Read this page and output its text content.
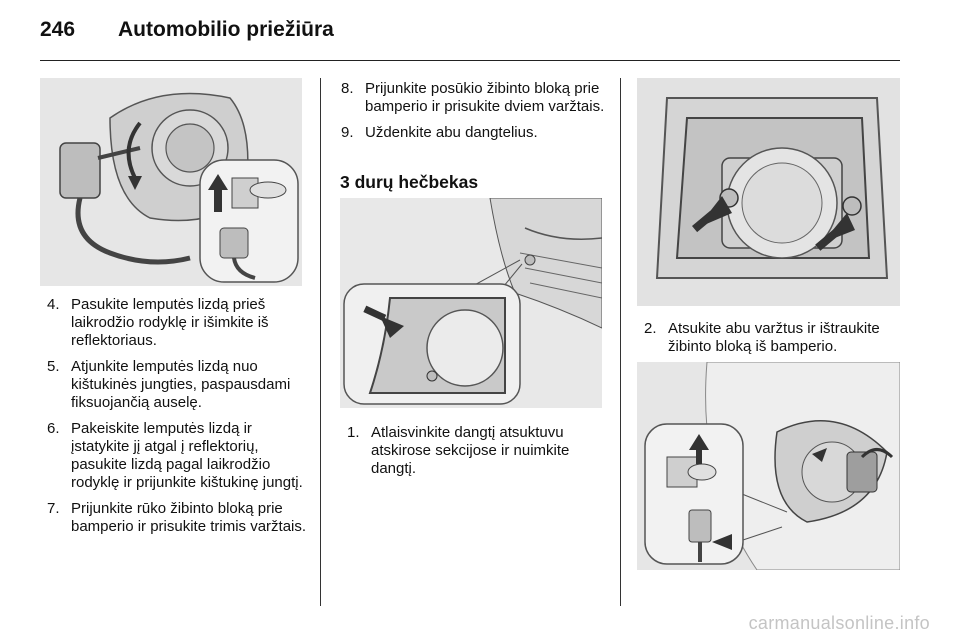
246	Automobilio priežiūra
4. Pasukite lemputės lizdą prieš laikrodžio rodyklę ir išimkite iš reflektoriaus.
5. Atjunkite lemputės lizdą nuo kištukinės jungties, paspausdami fiksuojančią auselę.
6. Pakeiskite lemputės lizdą ir įstatykite jį atgal į reflektorių, pasukite lizdą pagal laikrodžio rodyklę ir prijunkite kištukinę jungtį.
7. Prijunkite rūko žibinto bloką prie bamperio ir prisukite trimis varžtais.
8. Prijunkite posūkio žibinto bloką prie bamperio ir prisukite dviem varžtais.
9. Uždenkite abu dangtelius.
3 durų hečbekas
1. Atlaisvinkite dangtį atsuktuvu atskirose sekcijose ir nuimkite dangtį.
2. Atsukite abu varžtus ir ištraukite žibinto bloką iš bamperio.
carmanualsonline.info
